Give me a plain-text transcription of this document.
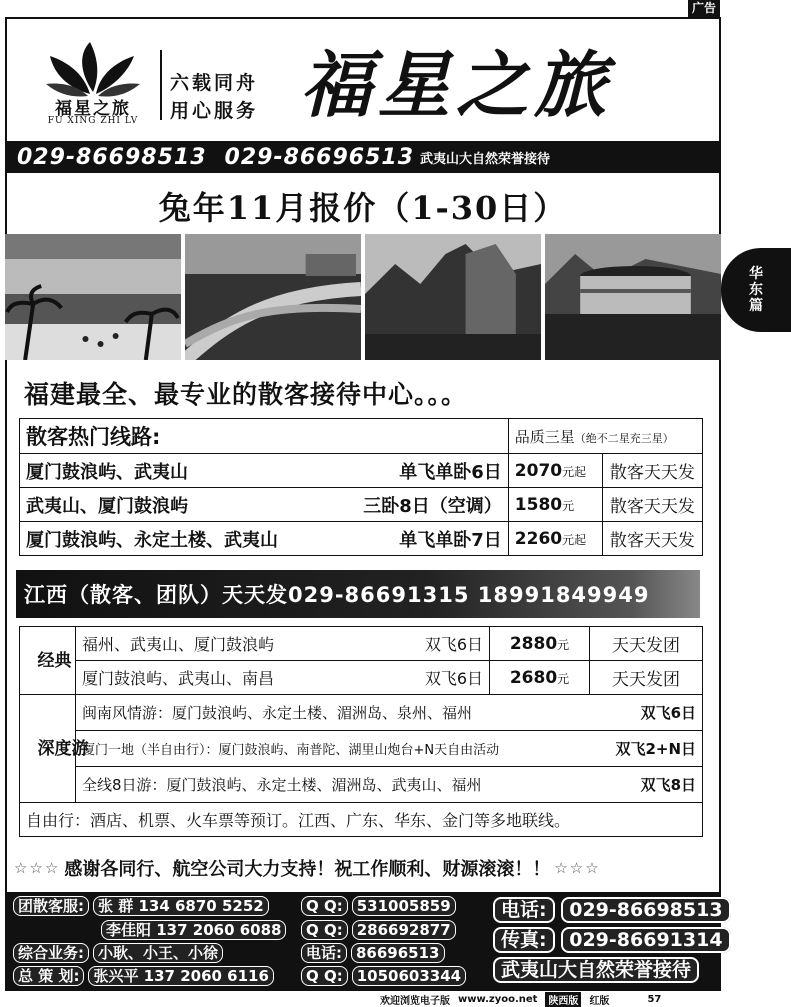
广告
福星之旅
FU XING ZHI LV
六载同舟
用心服务 福星之旅
029-86698513 029-86696513 武夷山大自然荣誉接待
兔年11月报价（1-30日）
华东篇
福建最全、最专业的散客接待中心。。。
散客热门线路:	品质三星（绝不二星充三星）	

厦门鼓浪屿、武夷山 单飞单卧6日	2070元起	散客天天发

武夷山、厦门鼓浪屿 三卧8日（空调）	1580元	散客天天发

厦门鼓浪屿、永定土楼、武夷山 单飞单卧7日	2260元起	散客天天发
江西（散客、团队）天天发029-86691315 18991849949
经典	福州、武夷山、厦门鼓浪屿 双飞6日	2880元	天天发团

	厦门鼓浪屿、武夷山、南昌 双飞6日	2680元	天天发团
深度游	闽南风情游：厦门鼓浪屿、永定土楼、湄洲岛、泉州、福州 双飞6日		

	厦门一地（半自由行）：厦门鼓浪屿、南普陀、湖里山炮台+N天自由活动 双飞2+N日		

	全线8日游：厦门鼓浪屿、永定土楼、湄洲岛、武夷山、福州 双飞8日		

自由行：酒店、机票、火车票等预订。江西、广东、华东、金门等多地联线。			
☆☆☆ 感谢各同行、航空公司大力支持！祝工作顺利、财源滚滚！！ ☆☆☆
团散客服: 张 群 134 6870 5252
李佳阳 137 2060 6088
综合业务: 小耿、小王、小徐
总 策 划: 张兴平 137 2060 6116
Q Q: 531005859
Q Q: 286692877
电话: 86696513
Q Q: 1050603344
电话: 029-86698513
传真: 029-86691314
武夷山大自然荣誉接待
欢迎浏览电子版 www.zyoo.net	陕西版	红版	57
